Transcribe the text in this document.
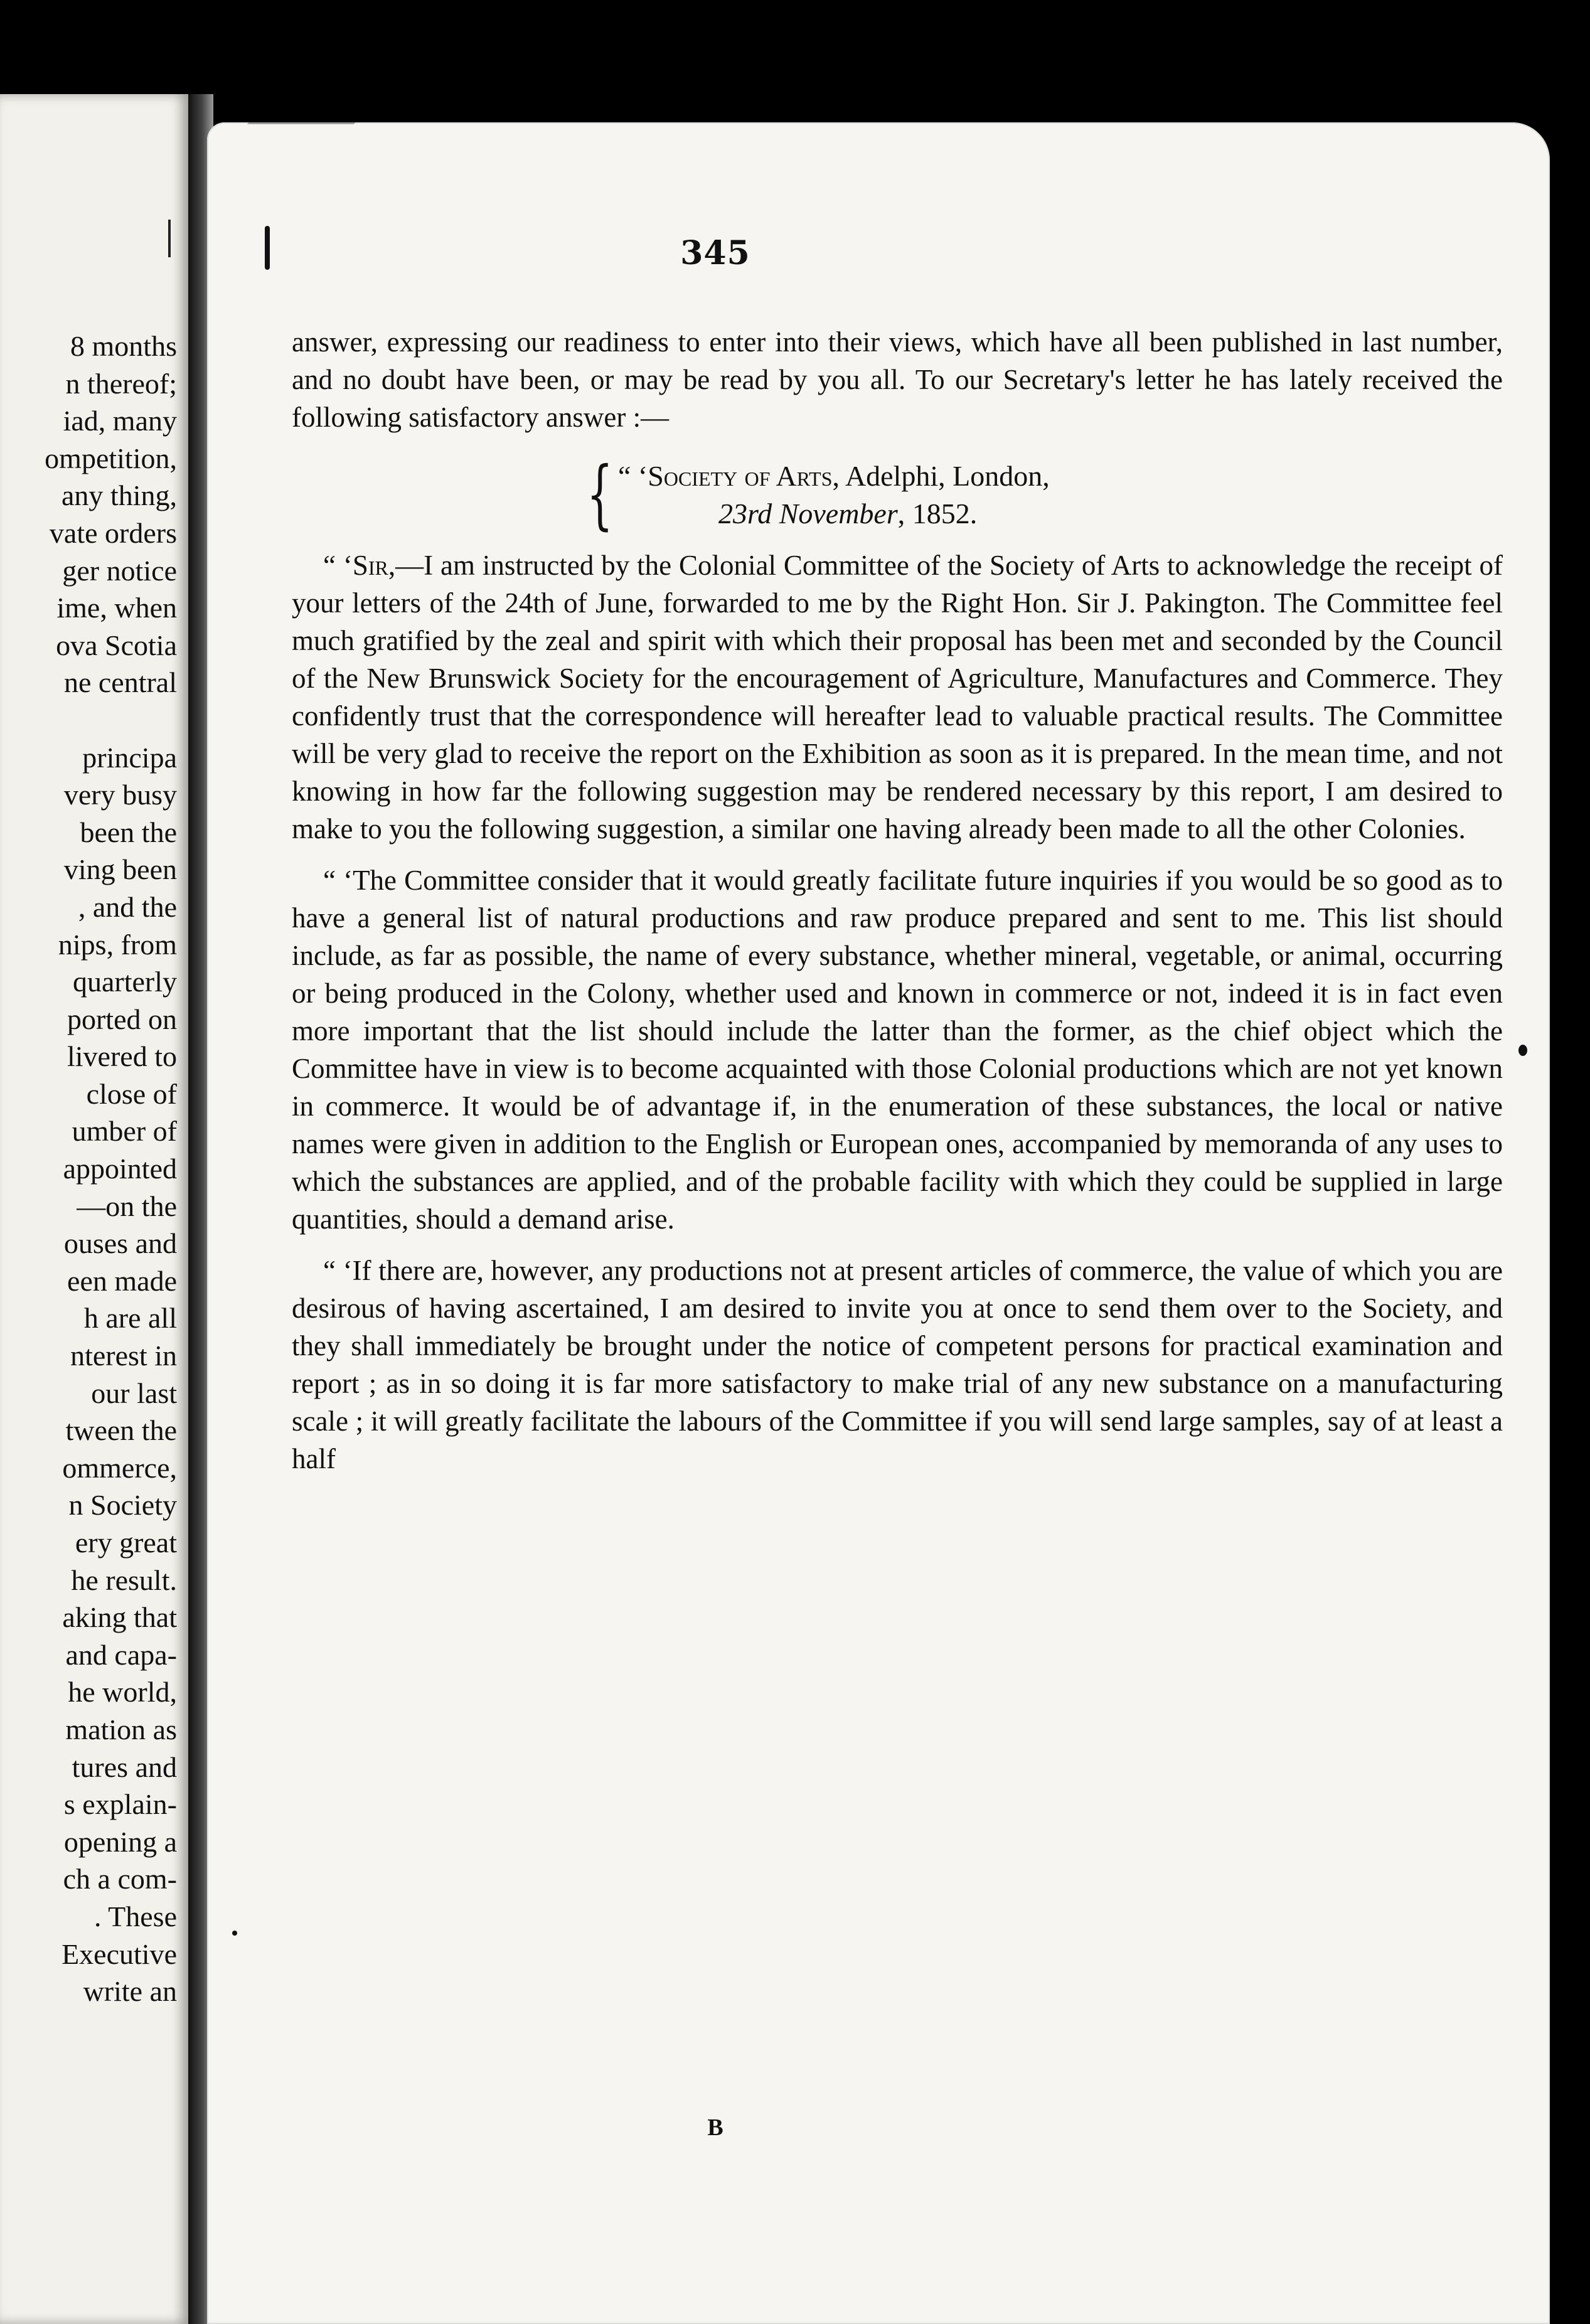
8 months
n thereof;
iad, many
ompetition,
any thing,
vate orders
ger notice
ime, when
ova Scotia
ne central

principa
very busy
been the
ving been
, and the
nips, from
quarterly
ported on
livered to
close of
umber of
appointed
—on the
ouses and
een made
h are all
nterest in
our last
tween the
ommerce,
n Society
ery great
he result.
aking that
and capa-
he world,
mation as
tures and
s explain-
opening a
ch a com-
. These
Executive
write an
345

answer, expressing our readiness to enter into their views, which have all been published in last number, and no doubt have been, or may be read by you all. To our Secretary's letter he has lately received the following satisfactory answer :—

{ “ ‘Society of Arts, Adelphi, London,
23rd November, 1852.

“ ‘Sir,—I am instructed by the Colonial Committee of the Society of Arts to acknowledge the receipt of your letters of the 24th of June, forwarded to me by the Right Hon. Sir J. Pakington. The Committee feel much gratified by the zeal and spirit with which their proposal has been met and seconded by the Council of the New Brunswick Society for the encouragement of Agriculture, Manufactures and Commerce. They confidently trust that the correspondence will hereafter lead to valuable practical results. The Committee will be very glad to receive the report on the Exhibition as soon as it is prepared. In the mean time, and not knowing in how far the following suggestion may be rendered necessary by this report, I am desired to make to you the following suggestion, a similar one having already been made to all the other Colonies.

“ ‘The Committee consider that it would greatly facilitate future inquiries if you would be so good as to have a general list of natural productions and raw produce prepared and sent to me. This list should include, as far as possible, the name of every substance, whether mineral, vegetable, or animal, occurring or being produced in the Colony, whether used and known in commerce or not, indeed it is in fact even more important that the list should include the latter than the former, as the chief object which the Committee have in view is to become acquainted with those Colonial productions which are not yet known in commerce. It would be of advantage if, in the enumeration of these substances, the local or native names were given in addition to the English or European ones, accompanied by memoranda of any uses to which the substances are applied, and of the probable facility with which they could be supplied in large quantities, should a demand arise.

“ ‘If there are, however, any productions not at present articles of commerce, the value of which you are desirous of having ascertained, I am desired to invite you at once to send them over to the Society, and they shall immediately be brought under the notice of competent persons for practical examination and report ; as in so doing it is far more satisfactory to make trial of any new substance on a manufacturing scale ; it will greatly facilitate the labours of the Committee if you will send large samples, say of at least a half

B
